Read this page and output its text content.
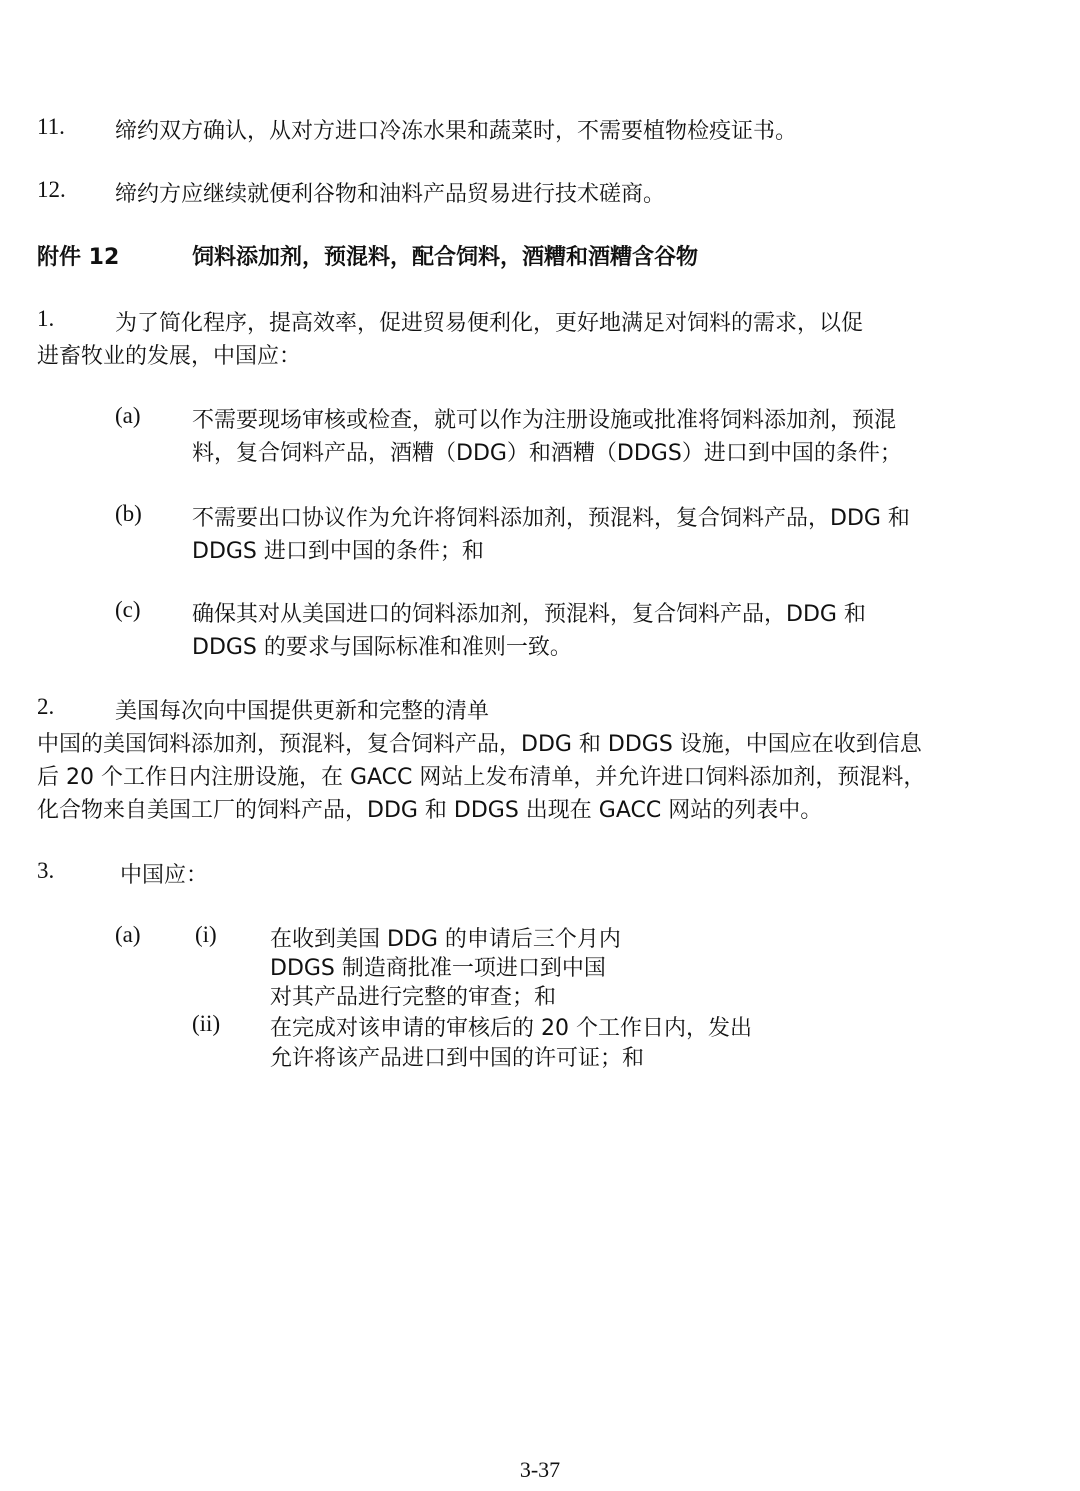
11. 缔约双方确认，从对方进口冷冻水果和蔬菜时，不需要植物检疫证书。
12. 缔约方应继续就便利谷物和油料产品贸易进行技术磋商。
附件 12	饲料添加剂，预混料，配合饲料，酒糟和酒糟含谷物
1.	为了简化程序，提高效率，促进贸易便利化，更好地满足对饲料的需求，以促
进畜牧业的发展，中国应：
(a) 不需要现场审核或检查，就可以作为注册设施或批准将饲料添加剂，预混
料，复合饲料产品，酒糟（DDG）和酒糟（DDGS）进口到中国的条件；
(b) 不需要出口协议作为允许将饲料添加剂，预混料，复合饲料产品，DDG 和
DDGS 进口到中国的条件；和
(c) 确保其对从美国进口的饲料添加剂，预混料，复合饲料产品，DDG 和
DDGS 的要求与国际标准和准则一致。
2.	美国每次向中国提供更新和完整的清单
中国的美国饲料添加剂，预混料，复合饲料产品，DDG 和 DDGS 设施，中国应在收到信息
后 20 个工作日内注册设施，在 GACC 网站上发布清单，并允许进口饲料添加剂，预混料，
化合物来自美国工厂的饲料产品，DDG 和 DDGS 出现在 GACC 网站的列表中。
3.	中国应：
(a) (i) 在收到美国 DDG 的申请后三个月内
DDGS 制造商批准一项进口到中国
对其产品进行完整的审查；和
(ii) 在完成对该申请的审核后的 20 个工作日内，发出
允许将该产品进口到中国的许可证；和
3-37
